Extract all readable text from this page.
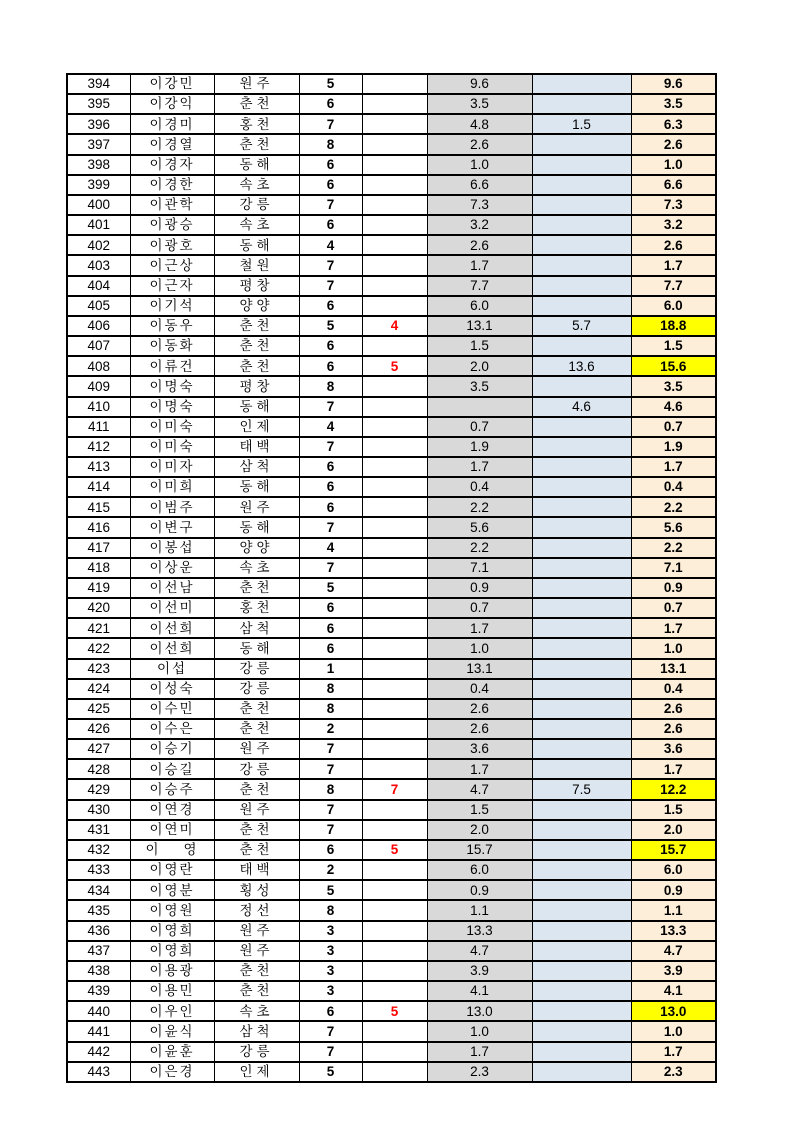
394	이강민	원주	5		9.6		9.6
395	이강익	춘천	6		3.5		3.5
396	이경미	홍천	7		4.8	1.5	6.3
397	이경열	춘천	8		2.6		2.6
398	이경자	동해	6		1.0		1.0
399	이경한	속초	6		6.6		6.6
400	이관학	강릉	7		7.3		7.3
401	이광승	속초	6		3.2		3.2
402	이광호	동해	4		2.6		2.6
403	이근상	철원	7		1.7		1.7
404	이근자	평창	7		7.7		7.7
405	이기석	양양	6		6.0		6.0
406	이동우	춘천	5	4	13.1	5.7	18.8
407	이동화	춘천	6		1.5		1.5
408	이류건	춘천	6	5	2.0	13.6	15.6
409	이명숙	평창	8		3.5		3.5
410	이명숙	동해	7			4.6	4.6
411	이미숙	인제	4		0.7		0.7
412	이미숙	태백	7		1.9		1.9
413	이미자	삼척	6		1.7		1.7
414	이미희	동해	6		0.4		0.4
415	이범주	원주	6		2.2		2.2
416	이변구	동해	7		5.6		5.6
417	이봉섭	양양	4		2.2		2.2
418	이상운	속초	7		7.1		7.1
419	이선남	춘천	5		0.9		0.9
420	이선미	홍천	6		0.7		0.7
421	이선희	삼척	6		1.7		1.7
422	이선희	동해	6		1.0		1.0
423	이섭	강릉	1		13.1		13.1
424	이성숙	강릉	8		0.4		0.4
425	이수민	춘천	8		2.6		2.6
426	이수은	춘천	2		2.6		2.6
427	이승기	원주	7		3.6		3.6
428	이승길	강릉	7		1.7		1.7
429	이승주	춘천	8	7	4.7	7.5	12.2
430	이연경	원주	7		1.5		1.5
431	이연미	춘천	7		2.0		2.0
432	이    영	춘천	6	5	15.7		15.7
433	이영란	태백	2		6.0		6.0
434	이영분	횡성	5		0.9		0.9
435	이영원	정선	8		1.1		1.1
436	이영희	원주	3		13.3		13.3
437	이영희	원주	3		4.7		4.7
438	이용광	춘천	3		3.9		3.9
439	이용민	춘천	3		4.1		4.1
440	이우인	속초	6	5	13.0		13.0
441	이윤식	삼척	7		1.0		1.0
442	이윤훈	강릉	7		1.7		1.7
443	이은경	인제	5		2.3		2.3
